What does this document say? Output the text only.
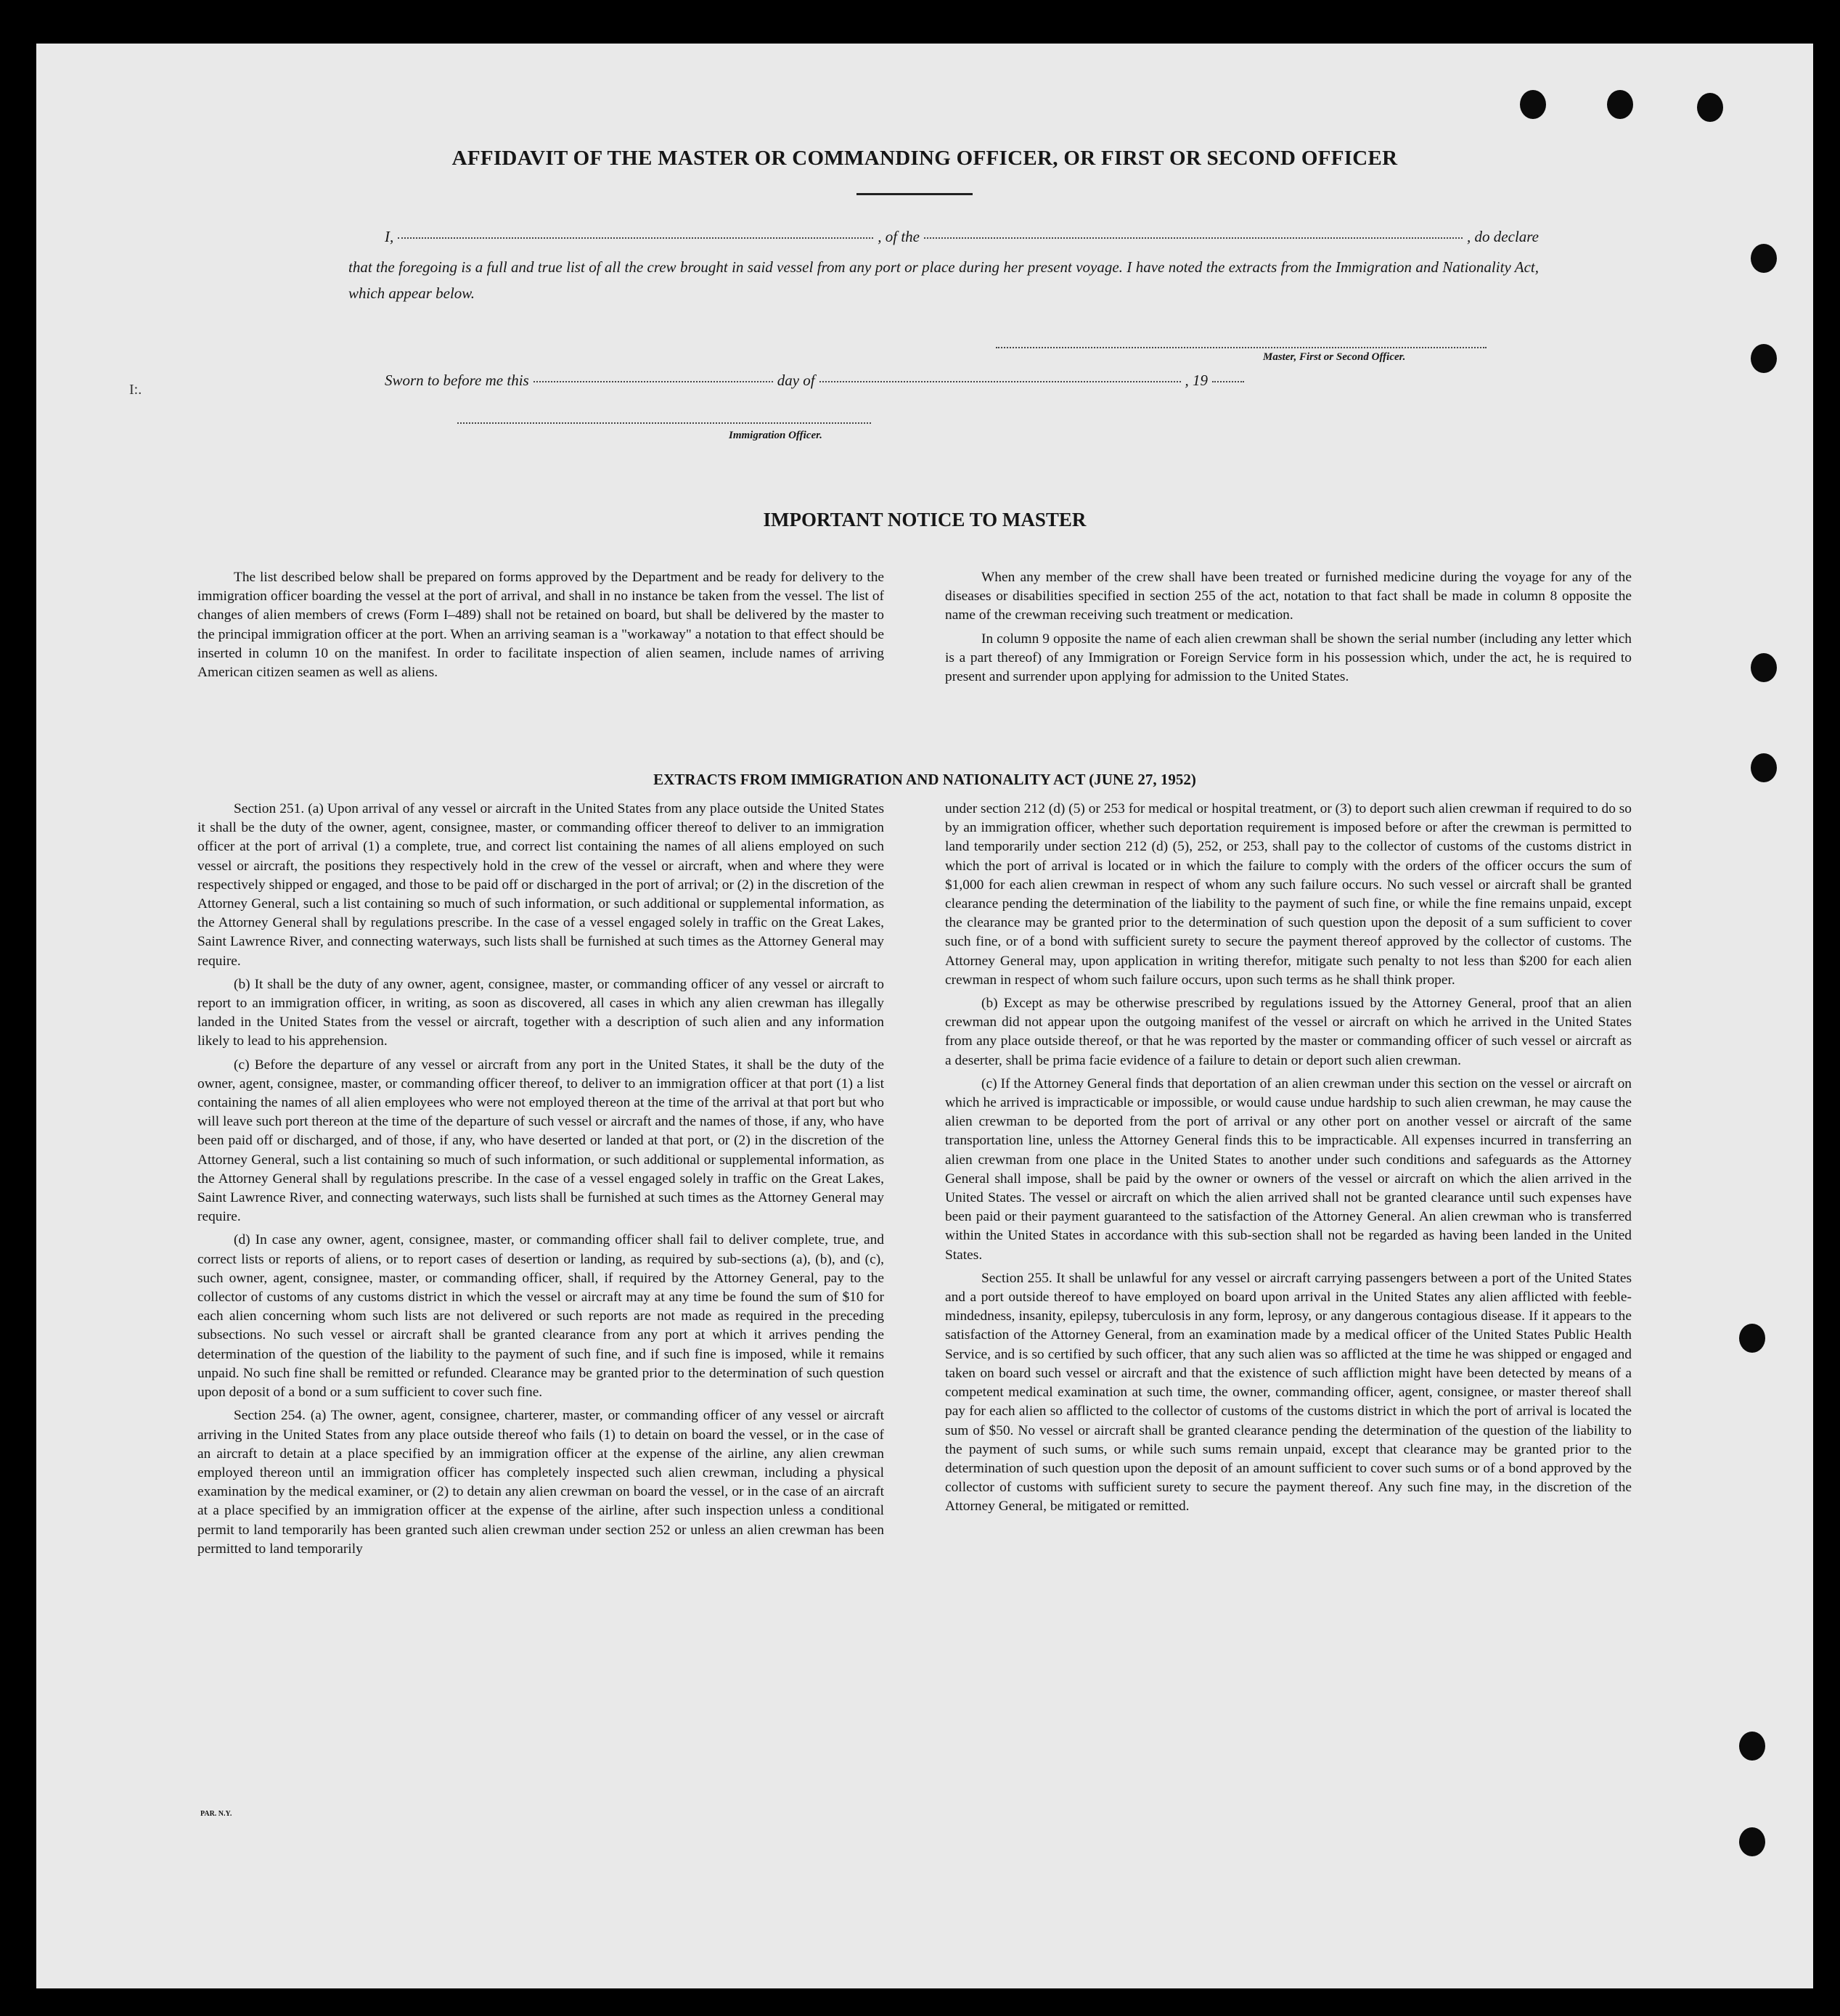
I:.
AFFIDAVIT OF THE MASTER OR COMMANDING OFFICER, OR FIRST OR SECOND OFFICER
I,	, of the	, do declare
that the foregoing is a full and true list of all the crew brought in said vessel from any port or place during her present voyage. I have noted the extracts from the Immigration and Nationality Act, which appear below.
Master, First or Second Officer.
Sworn to before me this	day of	, 19
Immigration Officer.
IMPORTANT NOTICE TO MASTER

The list described below shall be prepared on forms approved by the Department and be ready for delivery to the immigration officer boarding the vessel at the port of arrival, and shall in no instance be taken from the vessel. The list of changes of alien members of crews (Form I–489) shall not be retained on board, but shall be delivered by the master to the principal immigration officer at the port. When an arriving seaman is a "workaway" a notation to that effect should be inserted in column 10 on the manifest. In order to facilitate inspection of alien seamen, include names of arriving American citizen seamen as well as aliens.

When any member of the crew shall have been treated or furnished medicine during the voyage for any of the diseases or disabilities specified in section 255 of the act, notation to that fact shall be made in column 8 opposite the name of the crewman receiving such treatment or medication.

In column 9 opposite the name of each alien crewman shall be shown the serial number (including any letter which is a part thereof) of any Immigration or Foreign Service form in his possession which, under the act, he is required to present and surrender upon applying for admission to the United States.

EXTRACTS FROM IMMIGRATION AND NATIONALITY ACT (JUNE 27, 1952)

Section 251. (a) Upon arrival of any vessel or aircraft in the United States from any place outside the United States it shall be the duty of the owner, agent, consignee, master, or commanding officer thereof to deliver to an immigration officer at the port of arrival (1) a complete, true, and correct list containing the names of all aliens employed on such vessel or aircraft, the positions they respectively hold in the crew of the vessel or aircraft, when and where they were respectively shipped or engaged, and those to be paid off or discharged in the port of arrival; or (2) in the discretion of the Attorney General, such a list containing so much of such information, or such additional or supplemental information, as the Attorney General shall by regulations prescribe. In the case of a vessel engaged solely in traffic on the Great Lakes, Saint Lawrence River, and connecting waterways, such lists shall be furnished at such times as the Attorney General may require.

(b) It shall be the duty of any owner, agent, consignee, master, or commanding officer of any vessel or aircraft to report to an immigration officer, in writing, as soon as discovered, all cases in which any alien crewman has illegally landed in the United States from the vessel or aircraft, together with a description of such alien and any information likely to lead to his apprehension.

(c) Before the departure of any vessel or aircraft from any port in the United States, it shall be the duty of the owner, agent, consignee, master, or commanding officer thereof, to deliver to an immigration officer at that port (1) a list containing the names of all alien employees who were not employed thereon at the time of the arrival at that port but who will leave such port thereon at the time of the departure of such vessel or aircraft and the names of those, if any, who have been paid off or discharged, and of those, if any, who have deserted or landed at that port, or (2) in the discretion of the Attorney General, such a list containing so much of such information, or such additional or supplemental information, as the Attorney General shall by regulations prescribe. In the case of a vessel engaged solely in traffic on the Great Lakes, Saint Lawrence River, and connecting waterways, such lists shall be furnished at such times as the Attorney General may require.

(d) In case any owner, agent, consignee, master, or commanding officer shall fail to deliver complete, true, and correct lists or reports of aliens, or to report cases of desertion or landing, as required by sub-sections (a), (b), and (c), such owner, agent, consignee, master, or commanding officer, shall, if required by the Attorney General, pay to the collector of customs of any customs district in which the vessel or aircraft may at any time be found the sum of $10 for each alien concerning whom such lists are not delivered or such reports are not made as required in the preceding subsections. No such vessel or aircraft shall be granted clearance from any port at which it arrives pending the determination of the question of the liability to the payment of such fine, and if such fine is imposed, while it remains unpaid. No such fine shall be remitted or refunded. Clearance may be granted prior to the determination of such question upon deposit of a bond or a sum sufficient to cover such fine.

Section 254. (a) The owner, agent, consignee, charterer, master, or commanding officer of any vessel or aircraft arriving in the United States from any place outside thereof who fails (1) to detain on board the vessel, or in the case of an aircraft to detain at a place specified by an immigration officer at the expense of the airline, any alien crewman employed thereon until an immigration officer has completely inspected such alien crewman, including a physical examination by the medical examiner, or (2) to detain any alien crewman on board the vessel, or in the case of an aircraft at a place specified by an immigration officer at the expense of the airline, after such inspection unless a conditional permit to land temporarily has been granted such alien crewman under section 252 or unless an alien crewman has been permitted to land temporarily

under section 212 (d) (5) or 253 for medical or hospital treatment, or (3) to deport such alien crewman if required to do so by an immigration officer, whether such deportation requirement is imposed before or after the crewman is permitted to land temporarily under section 212 (d) (5), 252, or 253, shall pay to the collector of customs of the customs district in which the port of arrival is located or in which the failure to comply with the orders of the officer occurs the sum of $1,000 for each alien crewman in respect of whom any such failure occurs. No such vessel or aircraft shall be granted clearance pending the determination of the liability to the payment of such fine, or while the fine remains unpaid, except the clearance may be granted prior to the determination of such question upon the deposit of a sum sufficient to cover such fine, or of a bond with sufficient surety to secure the payment thereof approved by the collector of customs. The Attorney General may, upon application in writing therefor, mitigate such penalty to not less than $200 for each alien crewman in respect of whom such failure occurs, upon such terms as he shall think proper.

(b) Except as may be otherwise prescribed by regulations issued by the Attorney General, proof that an alien crewman did not appear upon the outgoing manifest of the vessel or aircraft on which he arrived in the United States from any place outside thereof, or that he was reported by the master or commanding officer of such vessel or aircraft as a deserter, shall be prima facie evidence of a failure to detain or deport such alien crewman.

(c) If the Attorney General finds that deportation of an alien crewman under this section on the vessel or aircraft on which he arrived is impracticable or impossible, or would cause undue hardship to such alien crewman, he may cause the alien crewman to be deported from the port of arrival or any other port on another vessel or aircraft of the same transportation line, unless the Attorney General finds this to be impracticable. All expenses incurred in transferring an alien crewman from one place in the United States to another under such conditions and safeguards as the Attorney General shall impose, shall be paid by the owner or owners of the vessel or aircraft on which the alien arrived in the United States. The vessel or aircraft on which the alien arrived shall not be granted clearance until such expenses have been paid or their payment guaranteed to the satisfaction of the Attorney General. An alien crewman who is transferred within the United States in accordance with this sub-section shall not be regarded as having been landed in the United States.

Section 255. It shall be unlawful for any vessel or aircraft carrying passengers between a port of the United States and a port outside thereof to have employed on board upon arrival in the United States any alien afflicted with feeble-mindedness, insanity, epilepsy, tuberculosis in any form, leprosy, or any dangerous contagious disease. If it appears to the satisfaction of the Attorney General, from an examination made by a medical officer of the United States Public Health Service, and is so certified by such officer, that any such alien was so afflicted at the time he was shipped or engaged and taken on board such vessel or aircraft and that the existence of such affliction might have been detected by means of a competent medical examination at such time, the owner, commanding officer, agent, consignee, or master thereof shall pay for each alien so afflicted to the collector of customs of the customs district in which the port of arrival is located the sum of $50. No vessel or aircraft shall be granted clearance pending the determination of the question of the liability to the payment of such sums, or while such sums remain unpaid, except that clearance may be granted prior to the determination of such question upon the deposit of an amount sufficient to cover such sums or of a bond approved by the collector of customs with sufficient surety to secure the payment thereof. Any such fine may, in the discretion of the Attorney General, be mitigated or remitted.

PAR. N.Y.
